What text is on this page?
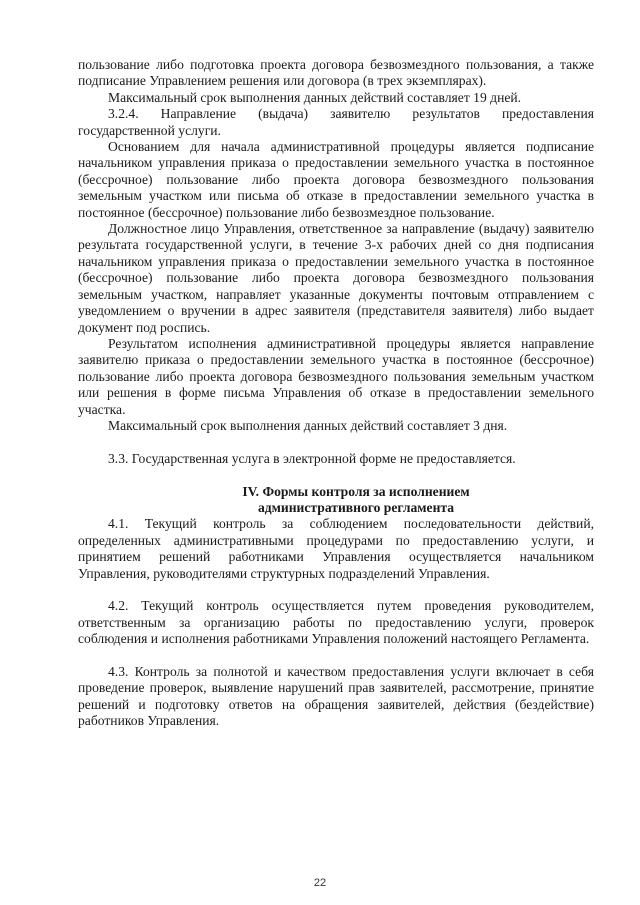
пользование либо подготовка проекта договора безвозмездного пользования, а также подписание Управлением решения или договора (в трех экземплярах).

Максимальный срок выполнения данных действий составляет 19 дней.

3.2.4. Направление (выдача) заявителю результатов предоставления государственной услуги.

Основанием для начала административной процедуры является подписание начальником управления приказа о предоставлении земельного участка в постоянное (бессрочное) пользование либо проекта договора безвозмездного пользования земельным участком или письма об отказе в предоставлении земельного участка в постоянное (бессрочное) пользование либо безвозмездное пользование.

Должностное лицо Управления, ответственное за направление (выдачу) заявителю результата государственной услуги, в течение 3-х рабочих дней со дня подписания начальником управления приказа о предоставлении земельного участка в постоянное (бессрочное) пользование либо проекта договора безвозмездного пользования земельным участком, направляет указанные документы почтовым отправлением с уведомлением о вручении в адрес заявителя (представителя заявителя) либо выдает документ под роспись.

Результатом исполнения административной процедуры является направление заявителю приказа о предоставлении земельного участка в постоянное (бессрочное) пользование либо проекта договора безвозмездного пользования земельным участком или решения в форме письма Управления об отказе в предоставлении земельного участка.

Максимальный срок выполнения данных действий составляет 3 дня.

3.3. Государственная услуга в электронной форме не предоставляется.

IV. Формы контроля за исполнением

административного регламента

4.1. Текущий контроль за соблюдением последовательности действий, определенных административными процедурами по предоставлению услуги, и принятием решений работниками Управления осуществляется начальником Управления, руководителями структурных подразделений Управления.

4.2. Текущий контроль осуществляется путем проведения руководителем, ответственным за организацию работы по предоставлению услуги, проверок соблюдения и исполнения работниками Управления положений настоящего Регламента.

4.3. Контроль за полнотой и качеством предоставления услуги включает в себя проведение проверок, выявление нарушений прав заявителей, рассмотрение, принятие решений и подготовку ответов на обращения заявителей, действия (бездействие) работников Управления.

22
